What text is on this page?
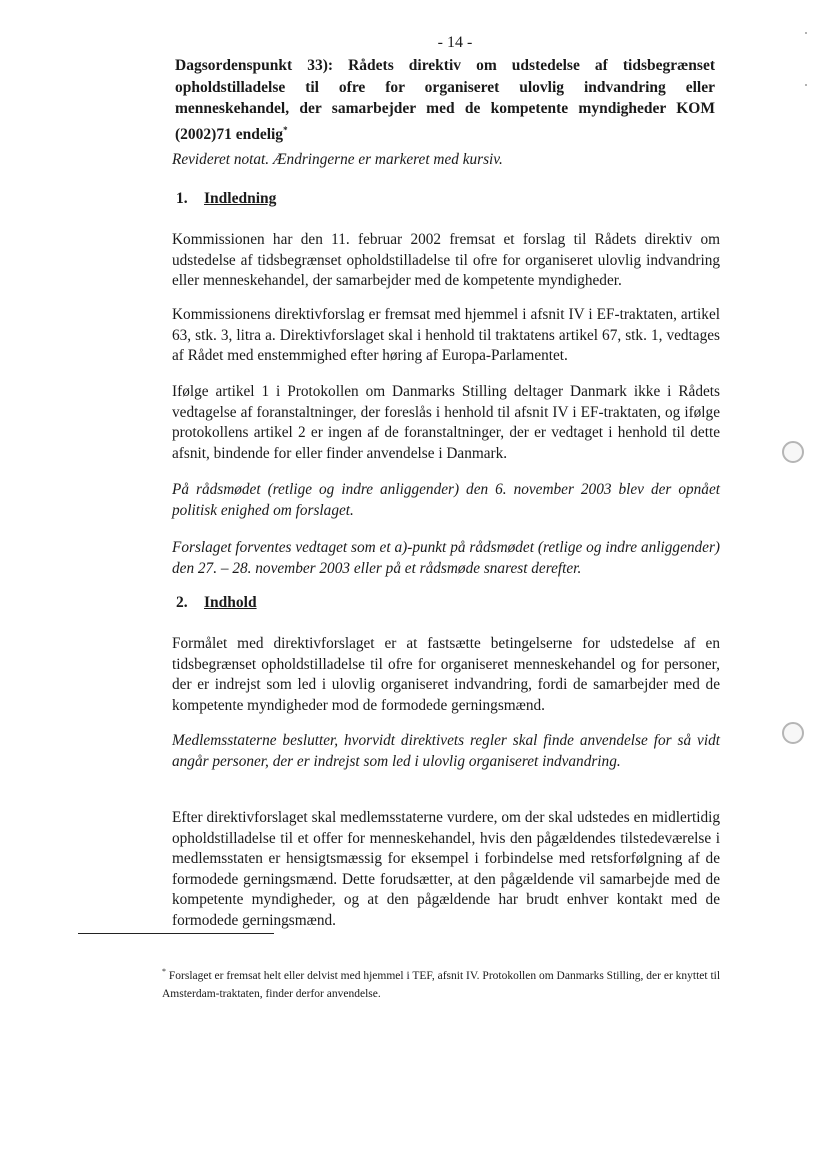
- 14 -
Dagsordenspunkt 33): Rådets direktiv om udstedelse af tidsbegrænset opholdstilladelse til ofre for organiseret ulovlig indvandring eller menneskehandel, der samarbejder med de kompetente myndigheder KOM (2002)71 endelig*
Revideret notat. Ændringerne er markeret med kursiv.
1. Indledning
Kommissionen har den 11. februar 2002 fremsat et forslag til Rådets direktiv om udstedelse af tidsbegrænset opholdstilladelse til ofre for organiseret ulovlig indvandring eller menneskehandel, der samarbejder med de kompetente myndigheder.
Kommissionens direktivforslag er fremsat med hjemmel i afsnit IV i EF-traktaten, artikel 63, stk. 3, litra a. Direktivforslaget skal i henhold til traktatens artikel 67, stk. 1, vedtages af Rådet med enstemmighed efter høring af Europa-Parlamentet.
Ifølge artikel 1 i Protokollen om Danmarks Stilling deltager Danmark ikke i Rådets vedtagelse af foranstaltninger, der foreslås i henhold til afsnit IV i EF-traktaten, og ifølge protokollens artikel 2 er ingen af de foranstaltninger, der er vedtaget i henhold til dette afsnit, bindende for eller finder anvendelse i Danmark.
På rådsmødet (retlige og indre anliggender) den 6. november 2003 blev der opnået politisk enighed om forslaget.
Forslaget forventes vedtaget som et a)-punkt på rådsmødet (retlige og indre anliggender) den 27. – 28. november 2003 eller på et rådsmøde snarest derefter.
2. Indhold
Formålet med direktivforslaget er at fastsætte betingelserne for udstedelse af en tidsbegrænset opholdstilladelse til ofre for organiseret menneskehandel og for personer, der er indrejst som led i ulovlig organiseret indvandring, fordi de samarbejder med de kompetente myndigheder mod de formodede gerningsmænd.
Medlemsstaterne beslutter, hvorvidt direktivets regler skal finde anvendelse for så vidt angår personer, der er indrejst som led i ulovlig organiseret indvandring.
Efter direktivforslaget skal medlemsstaterne vurdere, om der skal udstedes en midlertidig opholdstilladelse til et offer for menneskehandel, hvis den pågældendes tilstedeværelse i medlemsstaten er hensigtsmæssig for eksempel i forbindelse med retsforfølgning af de formodede gerningsmænd. Dette forudsætter, at den pågældende vil samarbejde med de kompetente myndigheder, og at den pågældende har brudt enhver kontakt med de formodede gerningsmænd.
* Forslaget er fremsat helt eller delvist med hjemmel i TEF, afsnit IV. Protokollen om Danmarks Stilling, der er knyttet til Amsterdam-traktaten, finder derfor anvendelse.
